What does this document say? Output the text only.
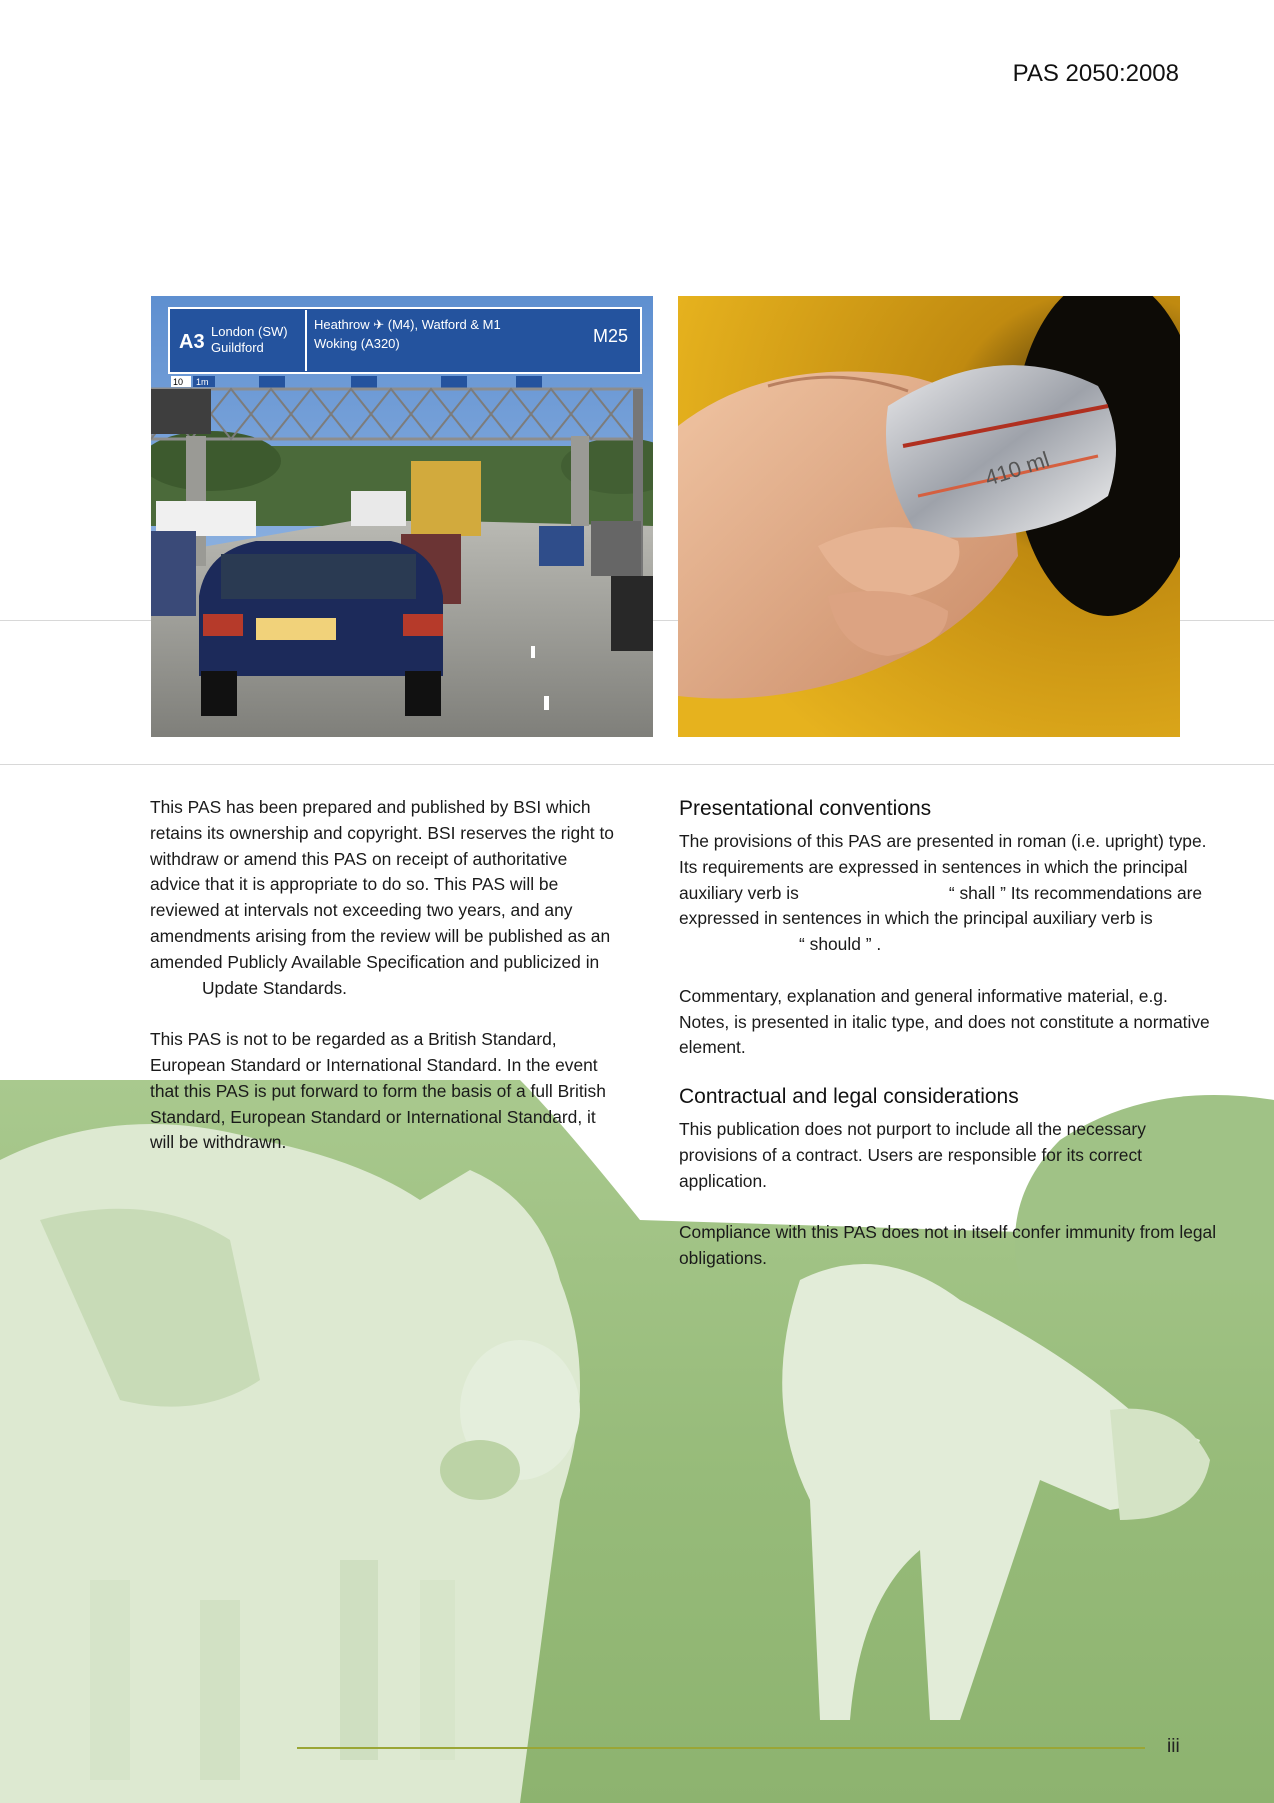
PAS 2050:2008
A3 London (SW)
Guildford
Heathrow ✈ (M4), Watford & M1
Woking (A320)	M25
10 1m
410 ml

This PAS has been prepared and published by BSI which retains its ownership and copyright. BSI reserves the right to withdraw or amend this PAS on receipt of authoritative advice that it is appropriate to do so. This PAS will be reviewed at intervals not exceeding two years, and any amendments arising from the review will be published as an amended Publicly Available Specification and publicized inUpdate Standards.

This PAS is not to be regarded as a British Standard, European Standard or International Standard. In the event that this PAS is put forward to form the basis of a full British Standard, European Standard or International Standard, it will be withdrawn.

Presentational conventions

The provisions of this PAS are presented in roman (i.e. upright) type. Its requirements are expressed in sentences in which the principal auxiliary verb is	“ shall ” Its recommendations are expressed in sentences in which the principal auxiliary verb is“ should ” .

Commentary, explanation and general informative material, e.g. Notes, is presented in italic type, and does not constitute a normative element.

Contractual and legal considerations

This publication does not purport to include all the necessary provisions of a contract. Users are responsible for its correct application.

Compliance with this PAS does not in itself confer immunity from legal obligations.

iii
